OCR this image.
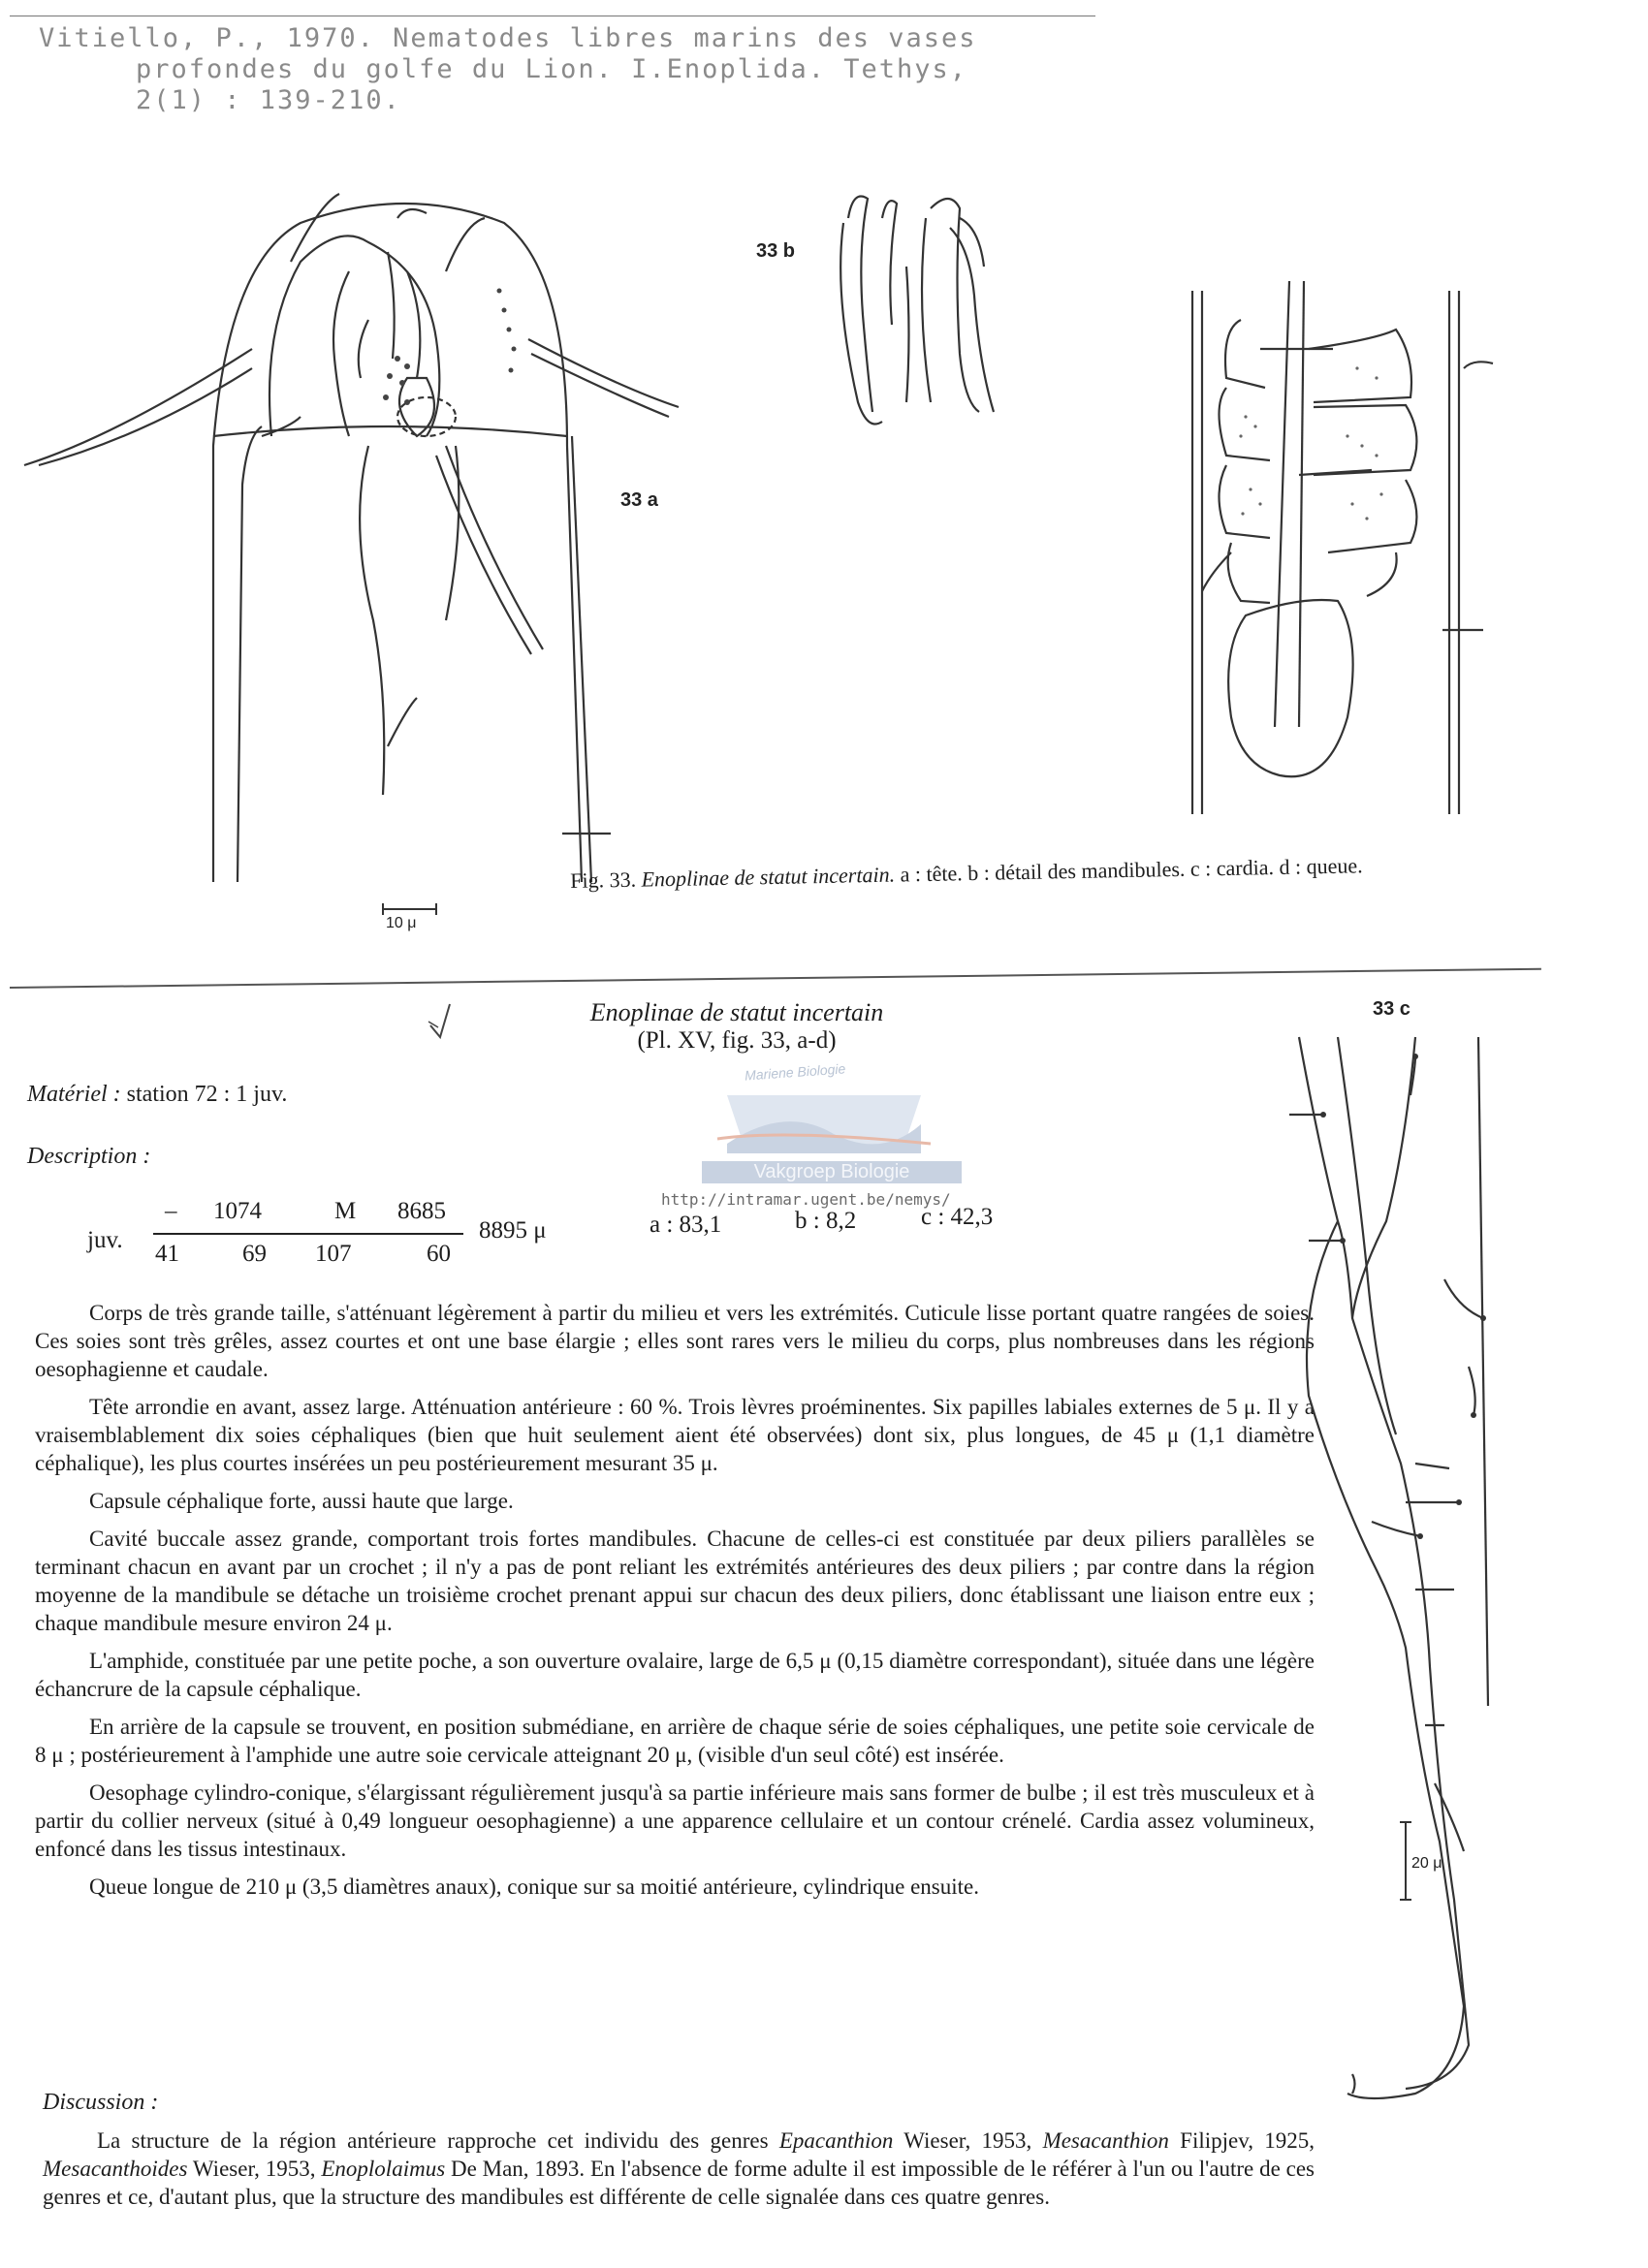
Vitiello, P., 1970. Nematodes libres marins des vases
profondes du golfe du Lion. I.Enoplida. Tethys,
2(1) : 139-210.
10 μ
33 a
33 b
Fig. 33. Enoplinae de statut incertain. a : tête. b : détail des mandibules. c : cardia. d : queue.
Enoplinae de statut incertain
(Pl. XV, fig. 33, a-d)
33 c
Matériel : station 72 : 1 juv.
Description :
juv.
– 1074	M 8685
41	69 107	60
8895 μ	a : 83,1	b : 8,2	c : 42,3
Mariene Biologie
Vakgroep Biologie
http://intramar.ugent.be/nemys/

Corps de très grande taille, s'atténuant légèrement à partir du milieu et vers les extrémités. Cuticule lisse portant quatre rangées de soies. Ces soies sont très grêles, assez courtes et ont une base élargie ; elles sont rares vers le milieu du corps, plus nombreuses dans les régions oesophagienne et caudale.

Tête arrondie en avant, assez large. Atténuation antérieure : 60 %. Trois lèvres proéminentes. Six papilles labiales externes de 5 μ. Il y a vraisemblablement dix soies céphaliques (bien que huit seulement aient été observées) dont six, plus longues, de 45 μ (1,1 diamètre céphalique), les plus courtes insérées un peu postérieurement mesurant 35 μ.

Capsule céphalique forte, aussi haute que large.

Cavité buccale assez grande, comportant trois fortes mandibules. Chacune de celles-ci est constituée par deux piliers parallèles se terminant chacun en avant par un crochet ; il n'y a pas de pont reliant les extrémités antérieures des deux piliers ; par contre dans la région moyenne de la mandibule se détache un troisième crochet prenant appui sur chacun des deux piliers, donc établissant une liaison entre eux ; chaque mandibule mesure environ 24 μ.

L'amphide, constituée par une petite poche, a son ouverture ovalaire, large de 6,5 μ (0,15 diamètre correspondant), située dans une légère échancrure de la capsule céphalique.

En arrière de la capsule se trouvent, en position submédiane, en arrière de chaque série de soies céphaliques, une petite soie cervicale de 8 μ ; postérieurement à l'amphide une autre soie cervicale atteignant 20 μ, (visible d'un seul côté) est insérée.

Oesophage cylindro-conique, s'élargissant régulièrement jusqu'à sa partie inférieure mais sans former de bulbe ; il est très musculeux et à partir du collier nerveux (situé à 0,49 longueur oesophagienne) a une apparence cellulaire et un contour crénelé. Cardia assez volumineux, enfoncé dans les tissus intestinaux.

Queue longue de 210 μ (3,5 diamètres anaux), conique sur sa moitié antérieure, cylindrique ensuite.

20 μ
Discussion :
La structure de la région antérieure rapproche cet individu des genres Epacanthion Wieser, 1953, Mesacanthion Filipjev, 1925, Mesacanthoides Wieser, 1953, Enoplolaimus De Man, 1893. En l'absence de forme adulte il est impossible de le référer à l'un ou l'autre de ces genres et ce, d'autant plus, que la structure des mandibules est différente de celle signalée dans ces quatre genres.
